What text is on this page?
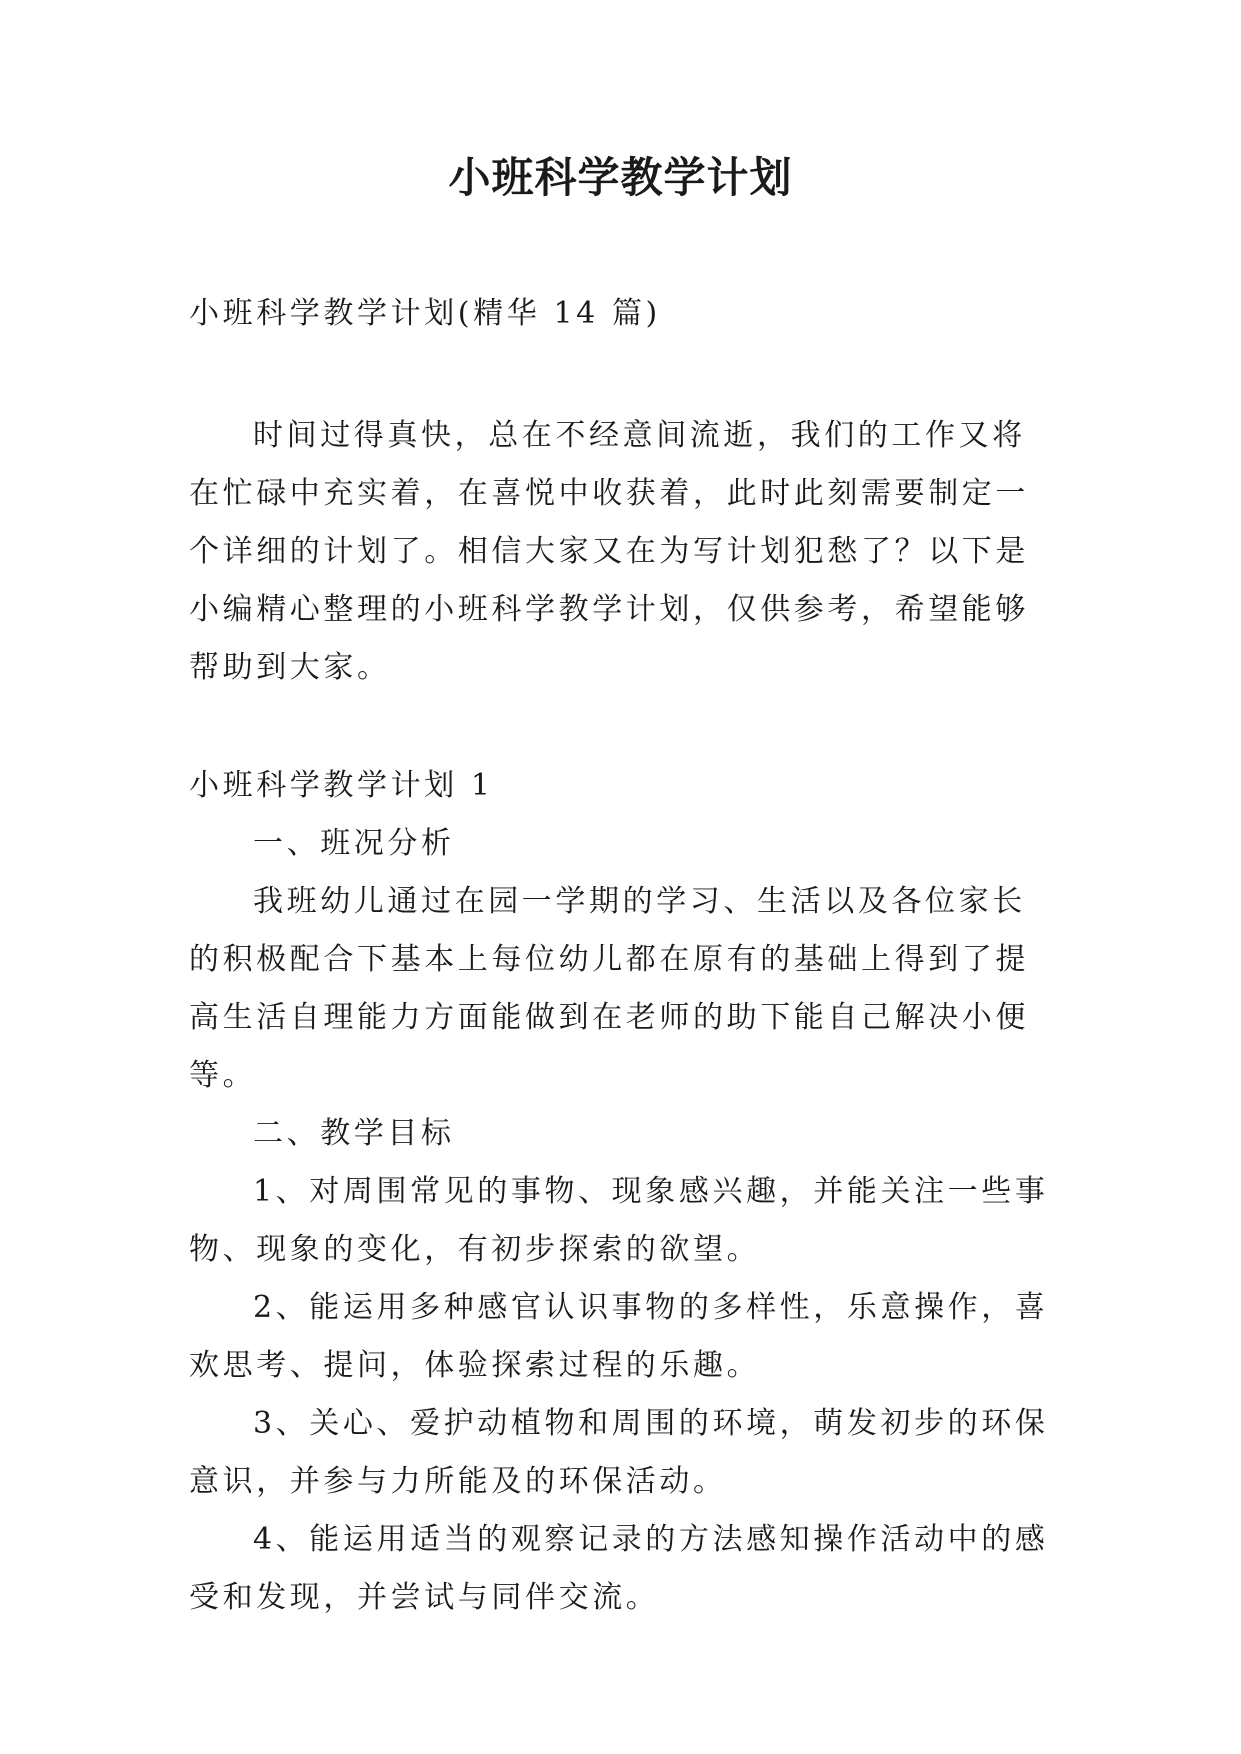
小班科学教学计划

小班科学教学计划(精华 14 篇)

时间过得真快，总在不经意间流逝，我们的工作又将在忙碌中充实着，在喜悦中收获着，此时此刻需要制定一个详细的计划了。相信大家又在为写计划犯愁了？以下是小编精心整理的小班科学教学计划，仅供参考，希望能够帮助到大家。

小班科学教学计划 1

一、班况分析

我班幼儿通过在园一学期的学习、生活以及各位家长的积极配合下基本上每位幼儿都在原有的基础上得到了提高生活自理能力方面能做到在老师的助下能自己解决小便等。

二、教学目标

1、对周围常见的事物、现象感兴趣，并能关注一些事物、现象的变化，有初步探索的欲望。

2、能运用多种感官认识事物的多样性，乐意操作，喜欢思考、提问，体验探索过程的乐趣。

3、关心、爱护动植物和周围的环境，萌发初步的环保意识，并参与力所能及的环保活动。

4、能运用适当的观察记录的方法感知操作活动中的感受和发现，并尝试与同伴交流。
